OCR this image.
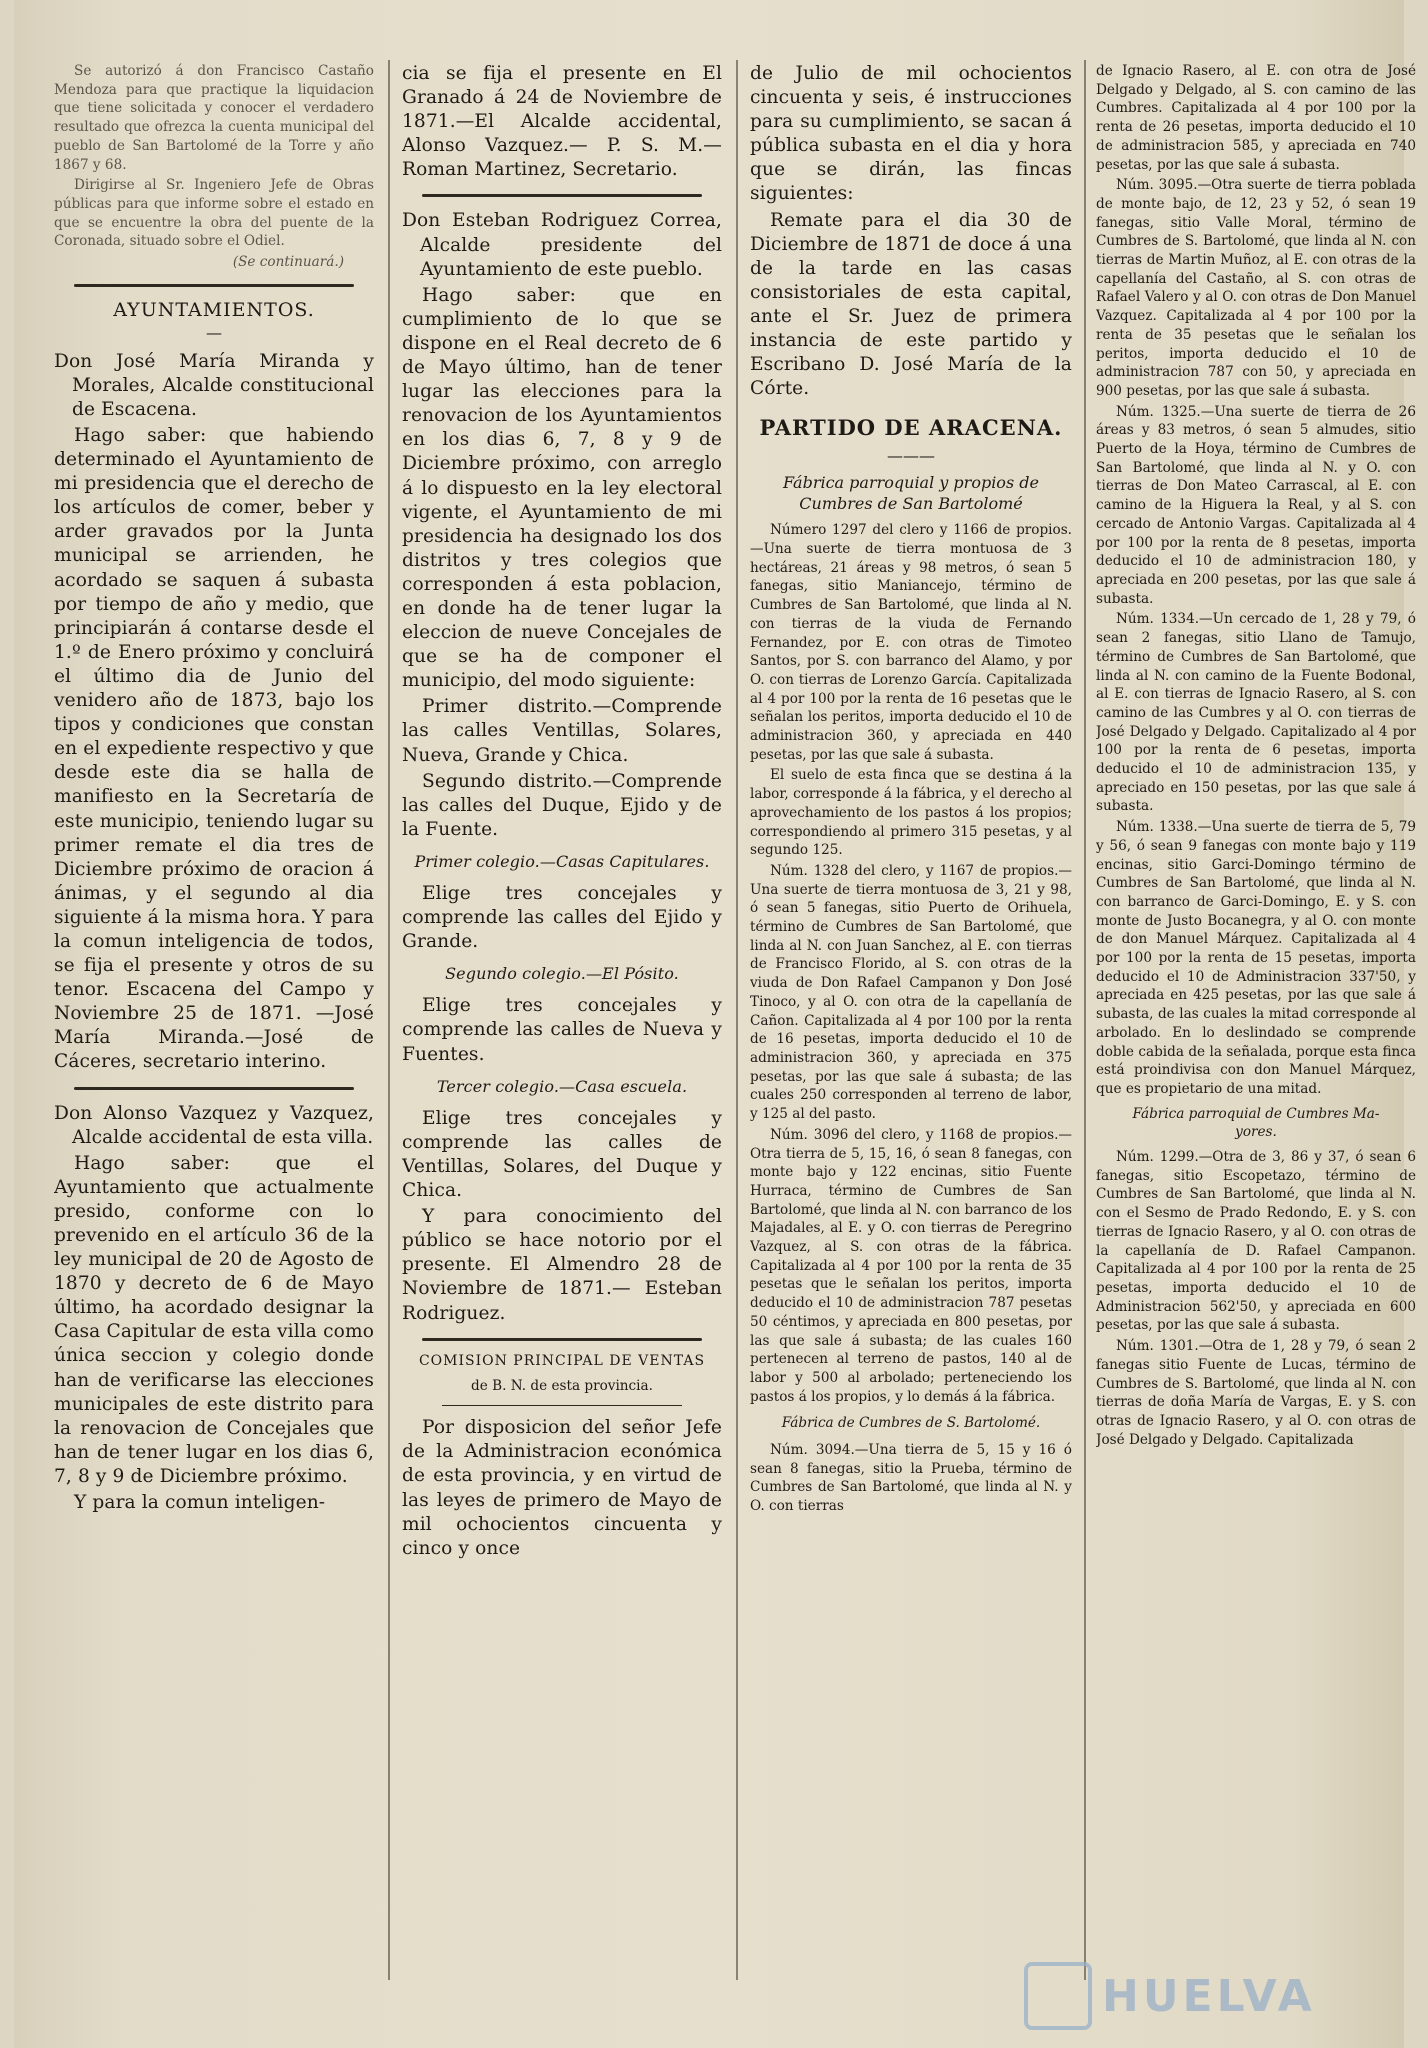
Se autorizó á don Francisco Castaño Mendoza para que practique la liquidacion que tiene solicitada y conocer el verdadero resultado que ofrezca la cuenta municipal del pueblo de San Bartolomé de la Torre y año 1867 y 68.

Dirigirse al Sr. Ingeniero Jefe de Obras públicas para que informe sobre el estado en que se encuentre la obra del puente de la Coronada, situado sobre el Odiel.

(Se continuará.)

AYUNTAMIENTOS.

—

Don José María Miranda y Morales, Alcalde constitucional de Escacena.

Hago saber: que habiendo determinado el Ayuntamiento de mi presidencia que el derecho de los artículos de comer, beber y arder gravados por la Junta municipal se arrienden, he acordado se saquen á subasta por tiempo de año y medio, que principiarán á contarse desde el 1.º de Enero próximo y concluirá el último dia de Junio del venidero año de 1873, bajo los tipos y condiciones que constan en el expediente respectivo y que desde este dia se halla de manifiesto en la Secretaría de este municipio, teniendo lugar su primer remate el dia tres de Diciembre próximo de oracion á ánimas, y el segundo al dia siguiente á la misma hora. Y para la comun inteligencia de todos, se fija el presente y otros de su tenor. Escacena del Campo y Noviembre 25 de 1871. —José María Miranda.—José de Cáceres, secretario interino.

Don Alonso Vazquez y Vazquez, Alcalde accidental de esta villa.

Hago saber: que el Ayuntamiento que actualmente presido, conforme con lo prevenido en el artículo 36 de la ley municipal de 20 de Agosto de 1870 y decreto de 6 de Mayo último, ha acordado designar la Casa Capitular de esta villa como única seccion y colegio donde han de verificarse las elecciones municipales de este distrito para la renovacion de Concejales que han de tener lugar en los dias 6, 7, 8 y 9 de Diciembre próximo.

Y para la comun inteligen-

cia se fija el presente en El Granado á 24 de Noviembre de 1871.—El Alcalde accidental, Alonso Vazquez.— P. S. M.—Roman Martinez, Secretario.

Don Esteban Rodriguez Correa, Alcalde presidente del Ayuntamiento de este pueblo.

Hago saber: que en cumplimiento de lo que se dispone en el Real decreto de 6 de Mayo último, han de tener lugar las elecciones para la renovacion de los Ayuntamientos en los dias 6, 7, 8 y 9 de Diciembre próximo, con arreglo á lo dispuesto en la ley electoral vigente, el Ayuntamiento de mi presidencia ha designado los dos distritos y tres colegios que corresponden á esta poblacion, en donde ha de tener lugar la eleccion de nueve Concejales de que se ha de componer el municipio, del modo siguiente:

Primer distrito.—Comprende las calles Ventillas, Solares, Nueva, Grande y Chica.

Segundo distrito.—Comprende las calles del Duque, Ejido y de la Fuente.

Primer colegio.—Casas Capitulares.

Elige tres concejales y comprende las calles del Ejido y Grande.

Segundo colegio.—El Pósito.

Elige tres concejales y comprende las calles de Nueva y Fuentes.

Tercer colegio.—Casa escuela.

Elige tres concejales y comprende las calles de Ventillas, Solares, del Duque y Chica.

Y para conocimiento del público se hace notorio por el presente. El Almendro 28 de Noviembre de 1871.— Esteban Rodriguez.

COMISION PRINCIPAL DE VENTAS

de B. N. de esta provincia.

Por disposicion del señor Jefe de la Administracion económica de esta provincia, y en virtud de las leyes de primero de Mayo de mil ochocientos cincuenta y cinco y once

de Julio de mil ochocientos cincuenta y seis, é instrucciones para su cumplimiento, se sacan á pública subasta en el dia y hora que se dirán, las fincas siguientes:

Remate para el dia 30 de Diciembre de 1871 de doce á una de la tarde en las casas consistoriales de esta capital, ante el Sr. Juez de primera instancia de este partido y Escribano D. José María de la Córte.

PARTIDO DE ARACENA.

———

Fábrica parroquial y propios de

Cumbres de San Bartolomé

Número 1297 del clero y 1166 de propios.—Una suerte de tierra montuosa de 3 hectáreas, 21 áreas y 98 metros, ó sean 5 fanegas, sitio Maniancejo, término de Cumbres de San Bartolomé, que linda al N. con tierras de la viuda de Fernando Fernandez, por E. con otras de Timoteo Santos, por S. con barranco del Alamo, y por O. con tierras de Lorenzo García. Capitalizada al 4 por 100 por la renta de 16 pesetas que le señalan los peritos, importa deducido el 10 de administracion 360, y apreciada en 440 pesetas, por las que sale á subasta.

El suelo de esta finca que se destina á la labor, corresponde á la fábrica, y el derecho al aprovechamiento de los pastos á los propios; correspondiendo al primero 315 pesetas, y al segundo 125.

Núm. 1328 del clero, y 1167 de propios.—Una suerte de tierra montuosa de 3, 21 y 98, ó sean 5 fanegas, sitio Puerto de Orihuela, término de Cumbres de San Bartolomé, que linda al N. con Juan Sanchez, al E. con tierras de Francisco Florido, al S. con otras de la viuda de Don Rafael Campanon y Don José Tinoco, y al O. con otra de la capellanía de Cañon. Capitalizada al 4 por 100 por la renta de 16 pesetas, importa deducido el 10 de administracion 360, y apreciada en 375 pesetas, por las que sale á subasta; de las cuales 250 corresponden al terreno de labor, y 125 al del pasto.

Núm. 3096 del clero, y 1168 de propios.—Otra tierra de 5, 15, 16, ó sean 8 fanegas, con monte bajo y 122 encinas, sitio Fuente Hurraca, término de Cumbres de San Bartolomé, que linda al N. con barranco de los Majadales, al E. y O. con tierras de Peregrino Vazquez, al S. con otras de la fábrica. Capitalizada al 4 por 100 por la renta de 35 pesetas que le señalan los peritos, importa deducido el 10 de administracion 787 pesetas 50 céntimos, y apreciada en 800 pesetas, por las que sale á subasta; de las cuales 160 pertenecen al terreno de pastos, 140 al de labor y 500 al arbolado; perteneciendo los pastos á los propios, y lo demás á la fábrica.

Fábrica de Cumbres de S. Bartolomé.

Núm. 3094.—Una tierra de 5, 15 y 16 ó sean 8 fanegas, sitio la Prueba, término de Cumbres de San Bartolomé, que linda al N. y O. con tierras

de Ignacio Rasero, al E. con otra de José Delgado y Delgado, al S. con camino de las Cumbres. Capitalizada al 4 por 100 por la renta de 26 pesetas, importa deducido el 10 de administracion 585, y apreciada en 740 pesetas, por las que sale á subasta.

Núm. 3095.—Otra suerte de tierra poblada de monte bajo, de 12, 23 y 52, ó sean 19 fanegas, sitio Valle Moral, término de Cumbres de S. Bartolomé, que linda al N. con tierras de Martin Muñoz, al E. con otras de la capellanía del Castaño, al S. con otras de Rafael Valero y al O. con otras de Don Manuel Vazquez. Capitalizada al 4 por 100 por la renta de 35 pesetas que le señalan los peritos, importa deducido el 10 de administracion 787 con 50, y apreciada en 900 pesetas, por las que sale á subasta.

Núm. 1325.—Una suerte de tierra de 26 áreas y 83 metros, ó sean 5 almudes, sitio Puerto de la Hoya, término de Cumbres de San Bartolomé, que linda al N. y O. con tierras de Don Mateo Carrascal, al E. con camino de la Higuera la Real, y al S. con cercado de Antonio Vargas. Capitalizada al 4 por 100 por la renta de 8 pesetas, importa deducido el 10 de administracion 180, y apreciada en 200 pesetas, por las que sale á subasta.

Núm. 1334.—Un cercado de 1, 28 y 79, ó sean 2 fanegas, sitio Llano de Tamujo, término de Cumbres de San Bartolomé, que linda al N. con camino de la Fuente Bodonal, al E. con tierras de Ignacio Rasero, al S. con camino de las Cumbres y al O. con tierras de José Delgado y Delgado. Capitalizado al 4 por 100 por la renta de 6 pesetas, importa deducido el 10 de administracion 135, y apreciado en 150 pesetas, por las que sale á subasta.

Núm. 1338.—Una suerte de tierra de 5, 79 y 56, ó sean 9 fanegas con monte bajo y 119 encinas, sitio Garci-Domingo término de Cumbres de San Bartolomé, que linda al N. con barranco de Garci-Domingo, E. y S. con monte de Justo Bocanegra, y al O. con monte de don Manuel Márquez. Capitalizada al 4 por 100 por la renta de 15 pesetas, importa deducido el 10 de Administracion 337'50, y apreciada en 425 pesetas, por las que sale á subasta, de las cuales la mitad corresponde al arbolado. En lo deslindado se comprende doble cabida de la señalada, porque esta finca está proindivisa con don Manuel Márquez, que es propietario de una mitad.

Fábrica parroquial de Cumbres Ma-

yores.

Núm. 1299.—Otra de 3, 86 y 37, ó sean 6 fanegas, sitio Escopetazo, término de Cumbres de San Bartolomé, que linda al N. con el Sesmo de Prado Redondo, E. y S. con tierras de Ignacio Rasero, y al O. con otras de la capellanía de D. Rafael Campanon. Capitalizada al 4 por 100 por la renta de 25 pesetas, importa deducido el 10 de Administracion 562'50, y apreciada en 600 pesetas, por las que sale á subasta.

Núm. 1301.—Otra de 1, 28 y 79, ó sean 2 fanegas sitio Fuente de Lucas, término de Cumbres de S. Bartolomé, que linda al N. con tierras de doña María de Vargas, E. y S. con otras de Ignacio Rasero, y al O. con otras de José Delgado y Delgado. Capitalizada

HUELVA
